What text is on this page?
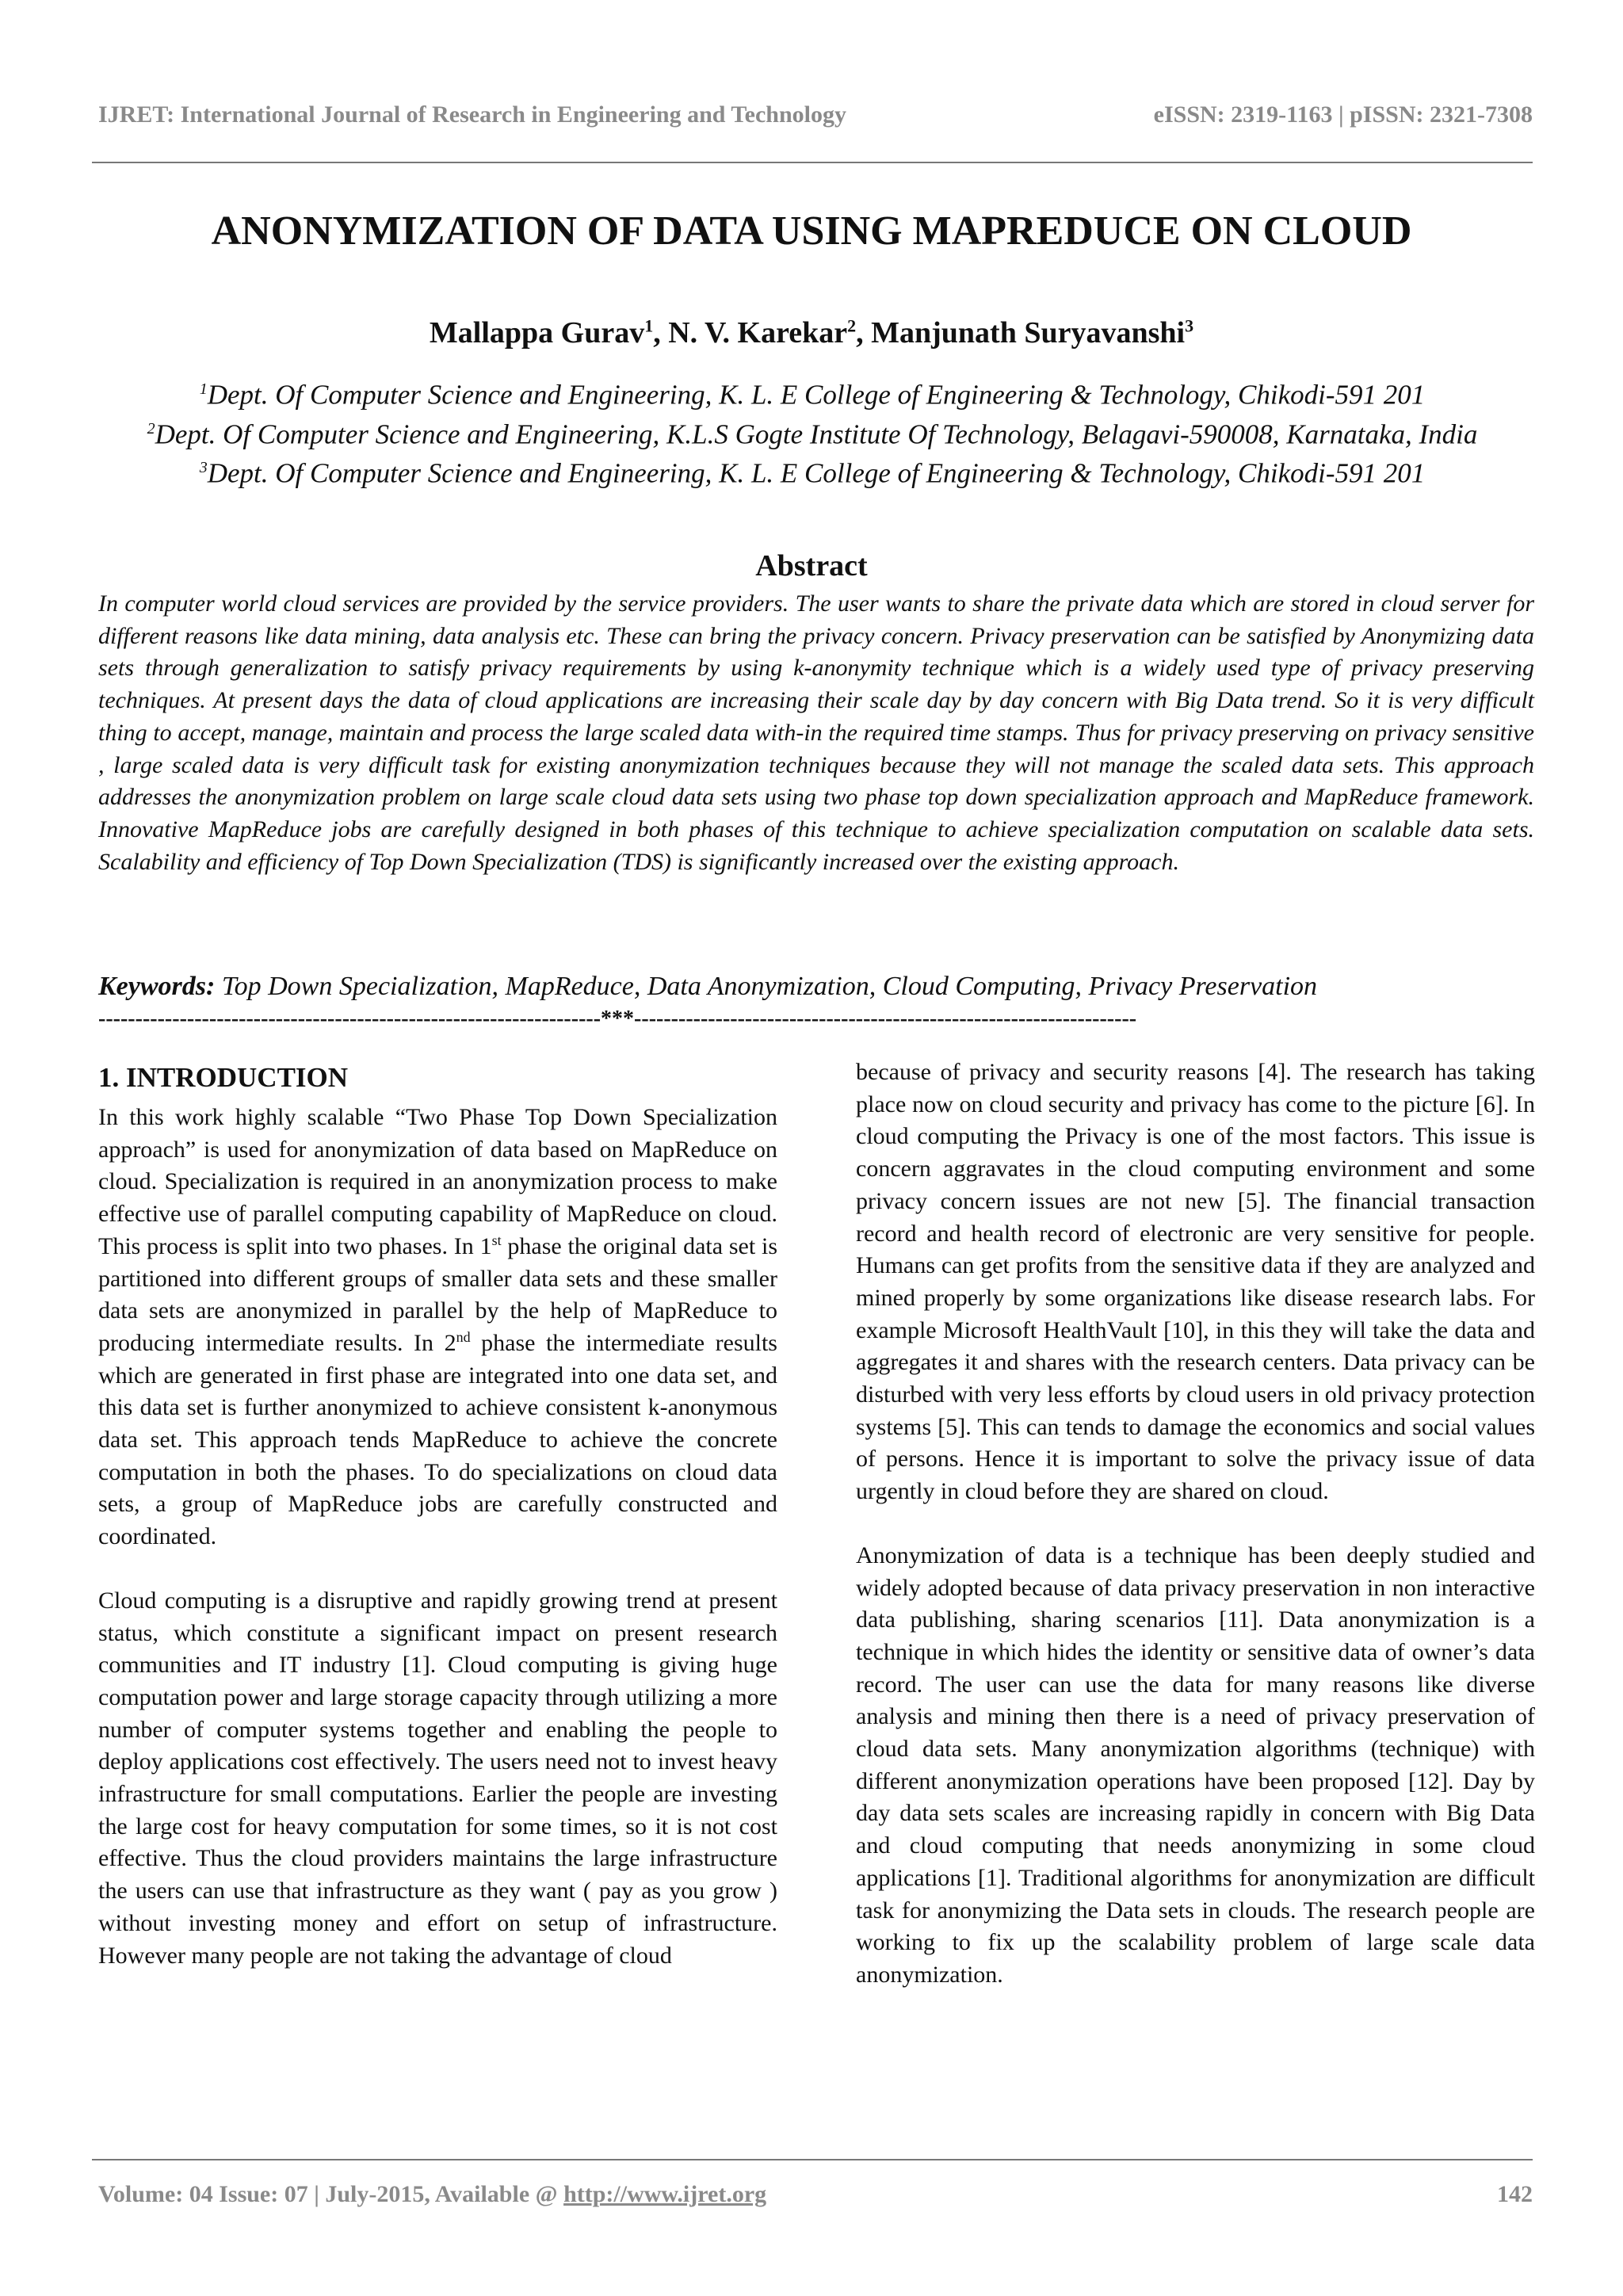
IJRET: International Journal of Research in Engineering and Technology	eISSN: 2319-1163 | pISSN: 2321-7308
ANONYMIZATION OF DATA USING MAPREDUCE ON CLOUD
Mallappa Gurav$^1$, N. V. Karekar$^2$, Manjunath Suryavanshi$^3$
$^1$Dept. Of Computer Science and Engineering, K. L. E College of Engineering & Technology, Chikodi-591 201
$^2$Dept. Of Computer Science and Engineering, K.L.S Gogte Institute Of Technology, Belagavi-590008, Karnataka, India
$^3$Dept. Of Computer Science and Engineering, K. L. E College of Engineering & Technology, Chikodi-591 201
Abstract
In computer world cloud services are provided by the service providers. The user wants to share the private data which are stored in cloud server for different reasons like data mining, data analysis etc. These can bring the privacy concern. Privacy preservation can be satisfied by Anonymizing data sets through generalization to satisfy privacy requirements by using k-anonymity technique which is a widely used type of privacy preserving techniques. At present days the data of cloud applications are increasing their scale day by day concern with Big Data trend. So it is very difficult thing to accept, manage, maintain and process the large scaled data with-in the required time stamps. Thus for privacy preserving on privacy sensitive , large scaled data is very difficult task for existing anonymization techniques because they will not manage the scaled data sets. This approach addresses the anonymization problem on large scale cloud data sets using two phase top down specialization approach and MapReduce framework. Innovative MapReduce jobs are carefully designed in both phases of this technique to achieve specialization computation on scalable data sets. Scalability and efficiency of Top Down Specialization (TDS) is significantly increased over the existing approach.
Keywords: Top Down Specialization, MapReduce, Data Anonymization, Cloud Computing, Privacy Preservation
--------------------------------------------------------------------***--------------------------------------------------------------------
1. INTRODUCTION

In this work highly scalable “Two Phase Top Down Specialization approach” is used for anonymization of data based on MapReduce on cloud. Specialization is required in an anonymization process to make effective use of parallel computing capability of MapReduce on cloud. This process is split into two phases. In 1st phase the original data set is partitioned into different groups of smaller data sets and these smaller data sets are anonymized in parallel by the help of MapReduce to producing intermediate results. In 2nd phase the intermediate results which are generated in first phase are integrated into one data set, and this data set is further anonymized to achieve consistent k-anonymous data set. This approach tends MapReduce to achieve the concrete computation in both the phases. To do specializations on cloud data sets, a group of MapReduce jobs are carefully constructed and coordinated.

Cloud computing is a disruptive and rapidly growing trend at present status, which constitute a significant impact on present research communities and IT industry [1]. Cloud computing is giving huge computation power and large storage capacity through utilizing a more number of computer systems together and enabling the people to deploy applications cost effectively. The users need not to invest heavy infrastructure for small computations. Earlier the people are investing the large cost for heavy computation for some times, so it is not cost effective. Thus the cloud providers maintains the large infrastructure the users can use that infrastructure as they want ( pay as you grow ) without investing money and effort on setup of infrastructure. However many people are not taking the advantage of cloud

because of privacy and security reasons [4]. The research has taking place now on cloud security and privacy has come to the picture [6]. In cloud computing the Privacy is one of the most factors. This issue is concern aggravates in the cloud computing environment and some privacy concern issues are not new [5]. The financial transaction record and health record of electronic are very sensitive for people. Humans can get profits from the sensitive data if they are analyzed and mined properly by some organizations like disease research labs. For example Microsoft HealthVault [10], in this they will take the data and aggregates it and shares with the research centers. Data privacy can be disturbed with very less efforts by cloud users in old privacy protection systems [5]. This can tends to damage the economics and social values of persons. Hence it is important to solve the privacy issue of data urgently in cloud before they are shared on cloud.

Anonymization of data is a technique has been deeply studied and widely adopted because of data privacy preservation in non interactive data publishing, sharing scenarios [11]. Data anonymization is a technique in which hides the identity or sensitive data of owner’s data record. The user can use the data for many reasons like diverse analysis and mining then there is a need of privacy preservation of cloud data sets. Many anonymization algorithms (technique) with different anonymization operations have been proposed [12]. Day by day data sets scales are increasing rapidly in concern with Big Data and cloud computing that needs anonymizing in some cloud applications [1]. Traditional algorithms for anonymization are difficult task for anonymizing the Data sets in clouds. The research people are working to fix up the scalability problem of large scale data anonymization.

Volume: 04 Issue: 07 | July-2015, Available @ http://www.ijret.org	142
